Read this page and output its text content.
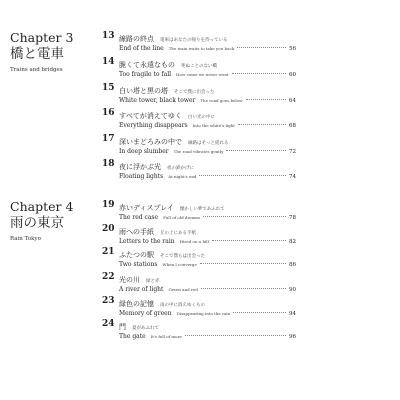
Chapter 3
橋と電車
Trains and bridges
13 線路の終点 電車はあなたの帰りを待っている
End of the line The train waits to take you back	56
14 脆くて永遠なもの 死ぬことのない橋
Too fragile to fall How come we never went	60
15 白い塔と黒の塔 そこで僕に出会った
White tower, black tower The road goes below	64
16 すべてが消えてゆく 白い光の中に
Everything disappears Into the white's light	68
17 深いまどろみの中で 線路はそっと揺れる
In deep slumber The road vibrates gently	72
18 夜に浮かぶ光 夜の鉄かげに
Floating lights At night's end	74
Chapter 4
雨の東京
Rain Tokyo
19 赤いディスプレイ 懐かしい夢であふれて
The red case Full of old dreams	78
20 雨への手紙 丘の上にある手紙
Letters to the rain Hired on a hill	82
21 ふたつの駅 そこで僕らは出会った
Two stations When I converge	86
22 光の川 緑と赤
A river of light Green and red	90
23 緑色の記憶 雨の中に消えゆくもの
Memory of green Disappearing into the rain	94
24 門 夏があふれて
The gate It's full of more	96
